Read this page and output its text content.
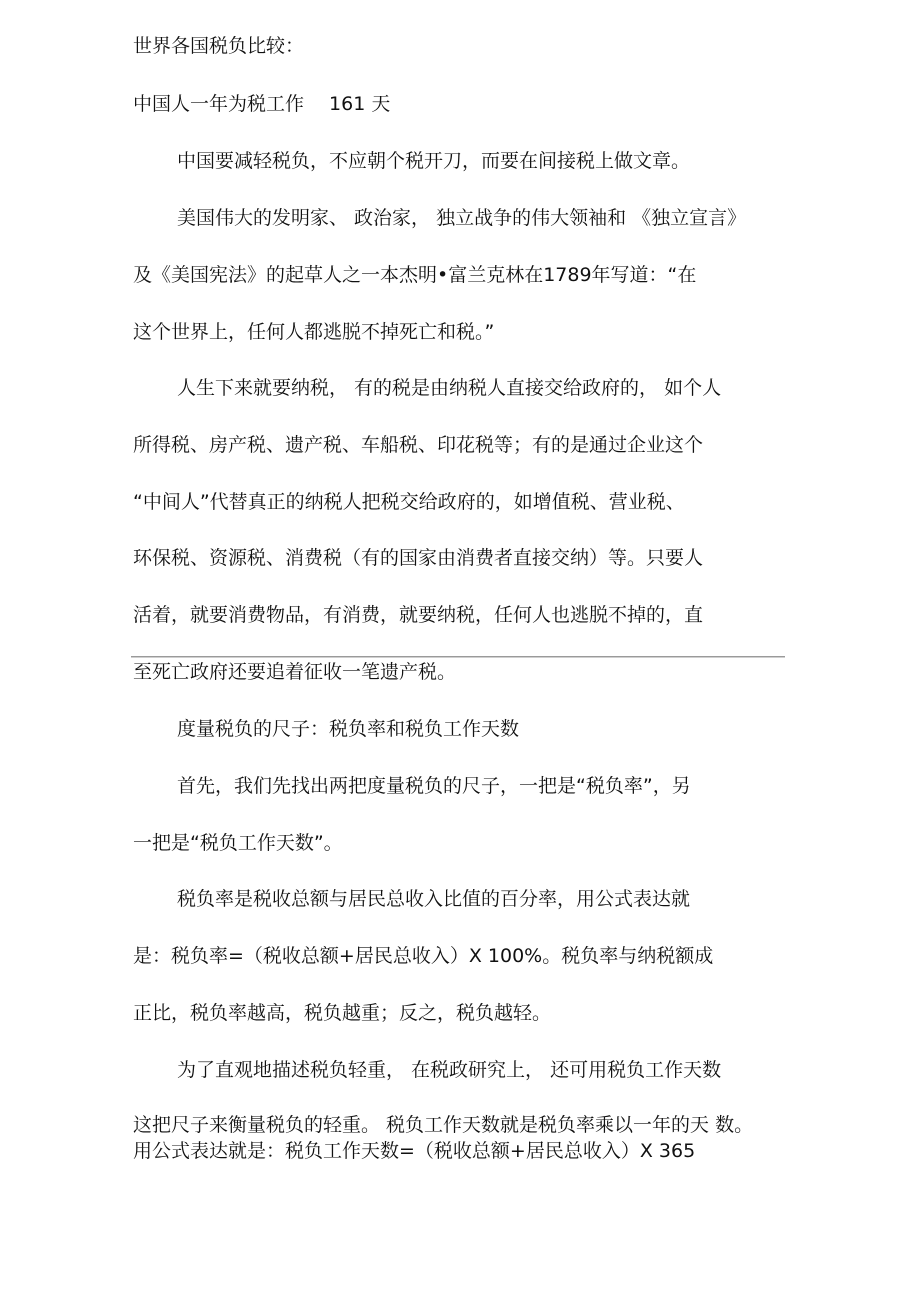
世界各国税负比较：
中国人一年为税工作　 161 天
中国要减轻税负，不应朝个税开刀，而要在间接税上做文章。
美国伟大的发明家、 政治家， 独立战争的伟大领袖和 《独立宣言》
及《美国宪法》的起草人之一本杰明•富兰克林在1789年写道：“在
这个世界上，任何人都逃脱不掉死亡和税。”
人生下来就要纳税， 有的税是由纳税人直接交给政府的， 如个人
所得税、房产税、遗产税、车船税、印花税等；有的是通过企业这个
“中间人”代替真正的纳税人把税交给政府的，如增值税、营业税、
环保税、资源税、消费税（有的国家由消费者直接交纳）等。只要人
活着，就要消费物品，有消费，就要纳税，任何人也逃脱不掉的，直
至死亡政府还要追着征收一笔遗产税。
度量税负的尺子：税负率和税负工作天数
首先，我们先找出两把度量税负的尺子，一把是“税负率”，另
一把是“税负工作天数”。
税负率是税收总额与居民总收入比值的百分率，用公式表达就
是：税负率=（税收总额+居民总收入）X 100%。税负率与纳税额成
正比，税负率越高，税负越重；反之，税负越轻。
为了直观地描述税负轻重， 在税政研究上， 还可用税负工作天数
这把尺子来衡量税负的轻重。 税负工作天数就是税负率乘以一年的天 数。
用公式表达就是：税负工作天数=（税收总额+居民总收入）X 365
